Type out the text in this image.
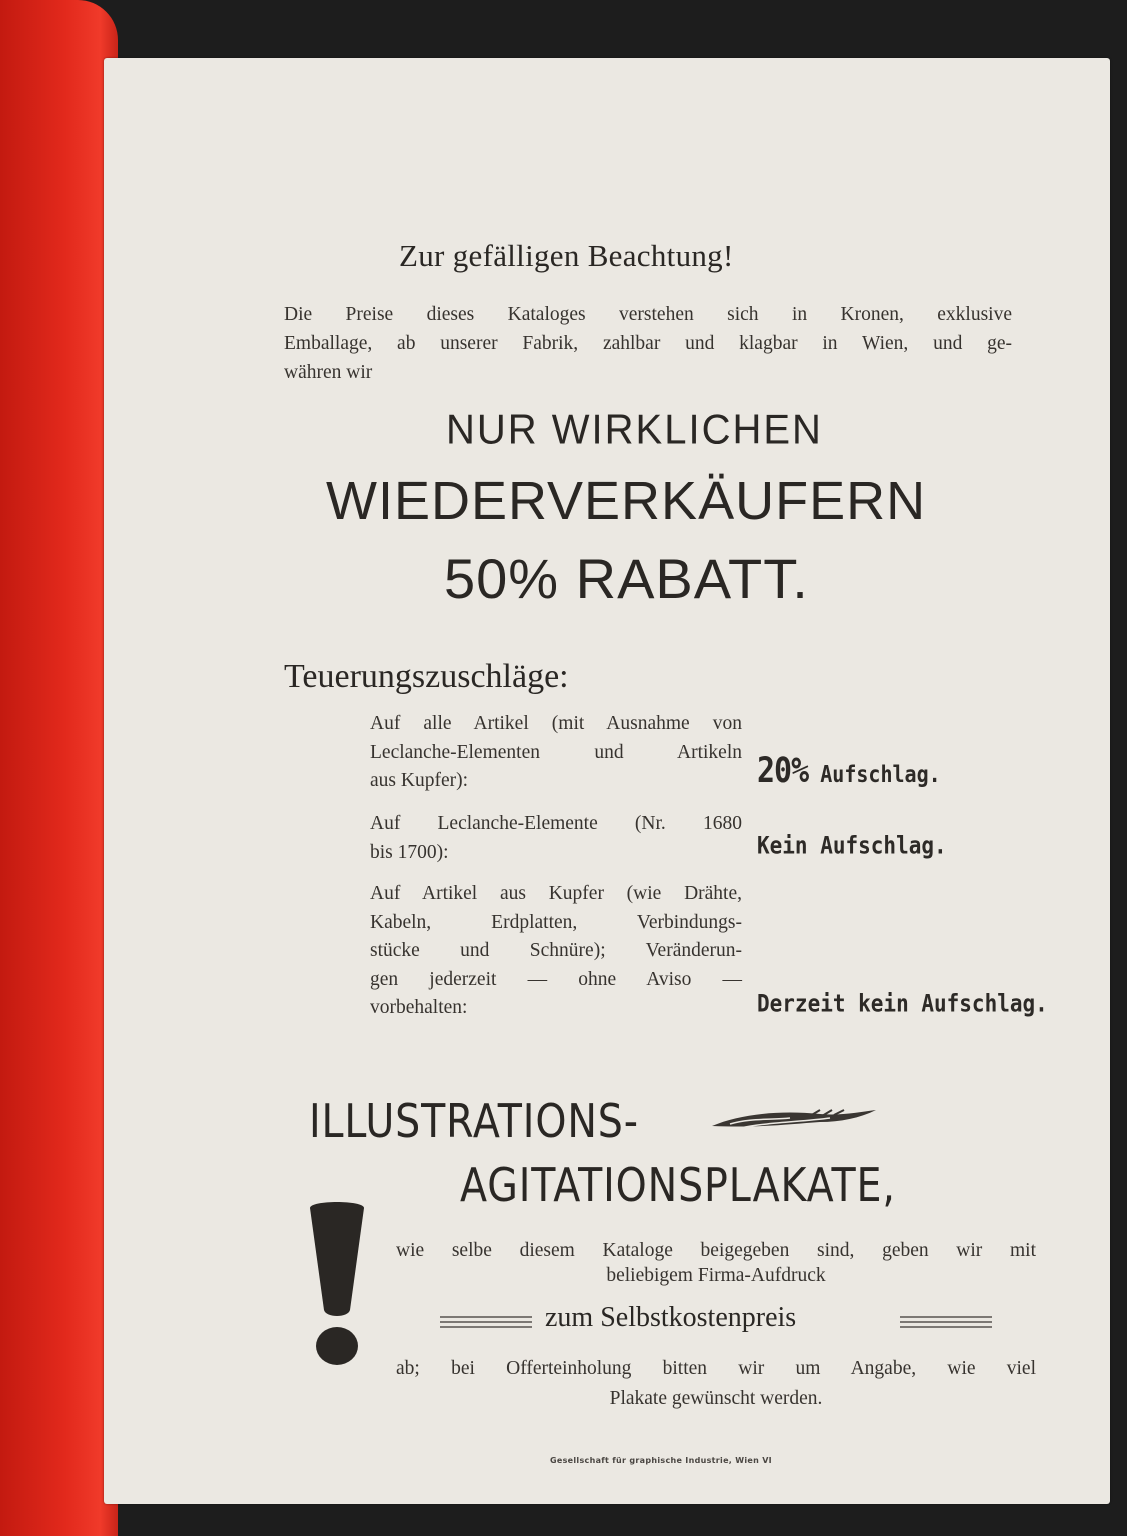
Zur gefälligen Beachtung!
Die Preise dieses Kataloges verstehen sich in Kronen, exklusive
Emballage, ab unserer Fabrik, zahlbar und klagbar in Wien, und ge-
währen wir
NUR WIRKLICHEN
WIEDERVERKÄUFERN
50% RABATT.
Teuerungszuschläge:
Auf alle Artikel (mit Ausnahme von
Leclanche-Elementen und Artikeln
aus Kupfer):	20% Aufschlag.
Auf Leclanche-Elemente (Nr. 1680
bis 1700):	Kein Aufschlag.
Auf Artikel aus Kupfer (wie Drähte,
Kabeln, Erdplatten, Verbindungs-
stücke und Schnüre); Veränderun-
gen jederzeit — ohne Aviso —
vorbehalten:	Derzeit kein Aufschlag.
ILLUSTRATIONS-
AGITATIONSPLAKATE,
wie selbe diesem Kataloge beigegeben sind, geben wir mit
beliebigem Firma-Aufdruck
zum Selbstkostenpreis
ab; bei Offerteinholung bitten wir um Angabe, wie viel
Plakate gewünscht werden.
Gesellschaft für graphische Industrie, Wien VI
